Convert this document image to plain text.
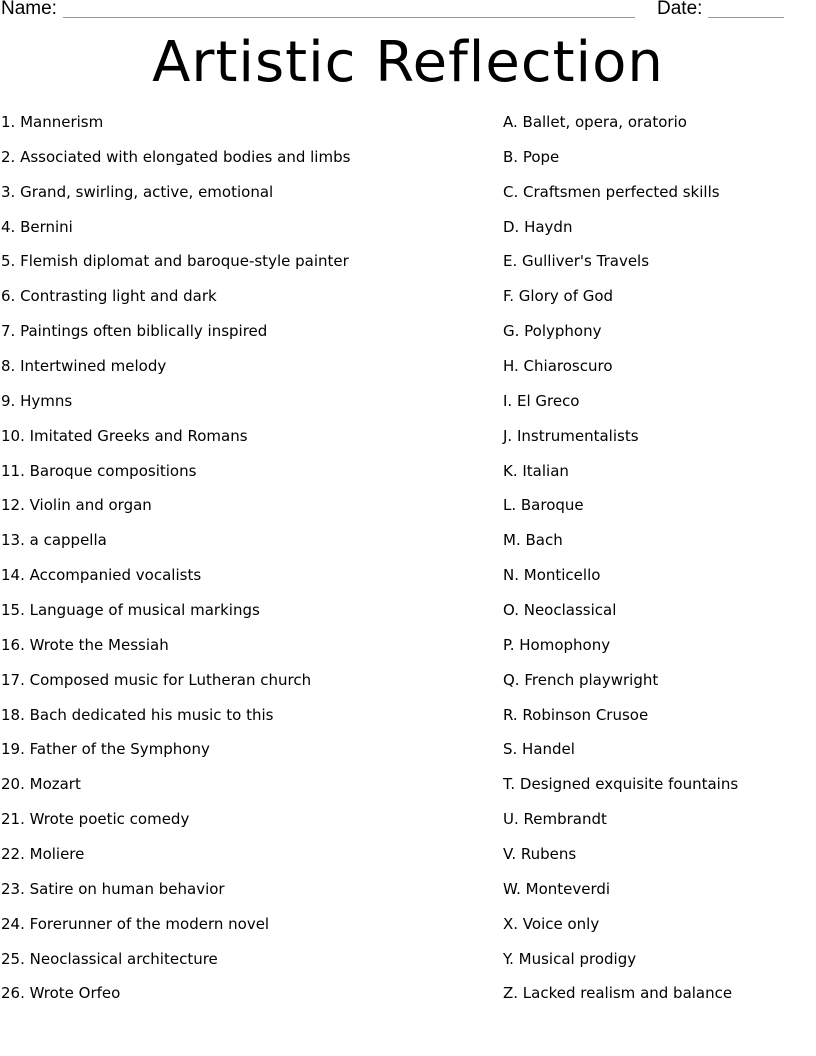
Name:	Date:
Artistic Reflection
1. Mannerism
2. Associated with elongated bodies and limbs
3. Grand, swirling, active, emotional
4. Bernini
5. Flemish diplomat and baroque-style painter
6. Contrasting light and dark
7. Paintings often biblically inspired
8. Intertwined melody
9. Hymns
10. Imitated Greeks and Romans
11. Baroque compositions
12. Violin and organ
13. a cappella
14. Accompanied vocalists
15. Language of musical markings
16. Wrote the Messiah
17. Composed music for Lutheran church
18. Bach dedicated his music to this
19. Father of the Symphony
20. Mozart
21. Wrote poetic comedy
22. Moliere
23. Satire on human behavior
24. Forerunner of the modern novel
25. Neoclassical architecture
26. Wrote Orfeo
A. Ballet, opera, oratorio
B. Pope
C. Craftsmen perfected skills
D. Haydn
E. Gulliver's Travels
F. Glory of God
G. Polyphony
H. Chiaroscuro
I. El Greco
J. Instrumentalists
K. Italian
L. Baroque
M. Bach
N. Monticello
O. Neoclassical
P. Homophony
Q. French playwright
R. Robinson Crusoe
S. Handel
T. Designed exquisite fountains
U. Rembrandt
V. Rubens
W. Monteverdi
X. Voice only
Y. Musical prodigy
Z. Lacked realism and balance
